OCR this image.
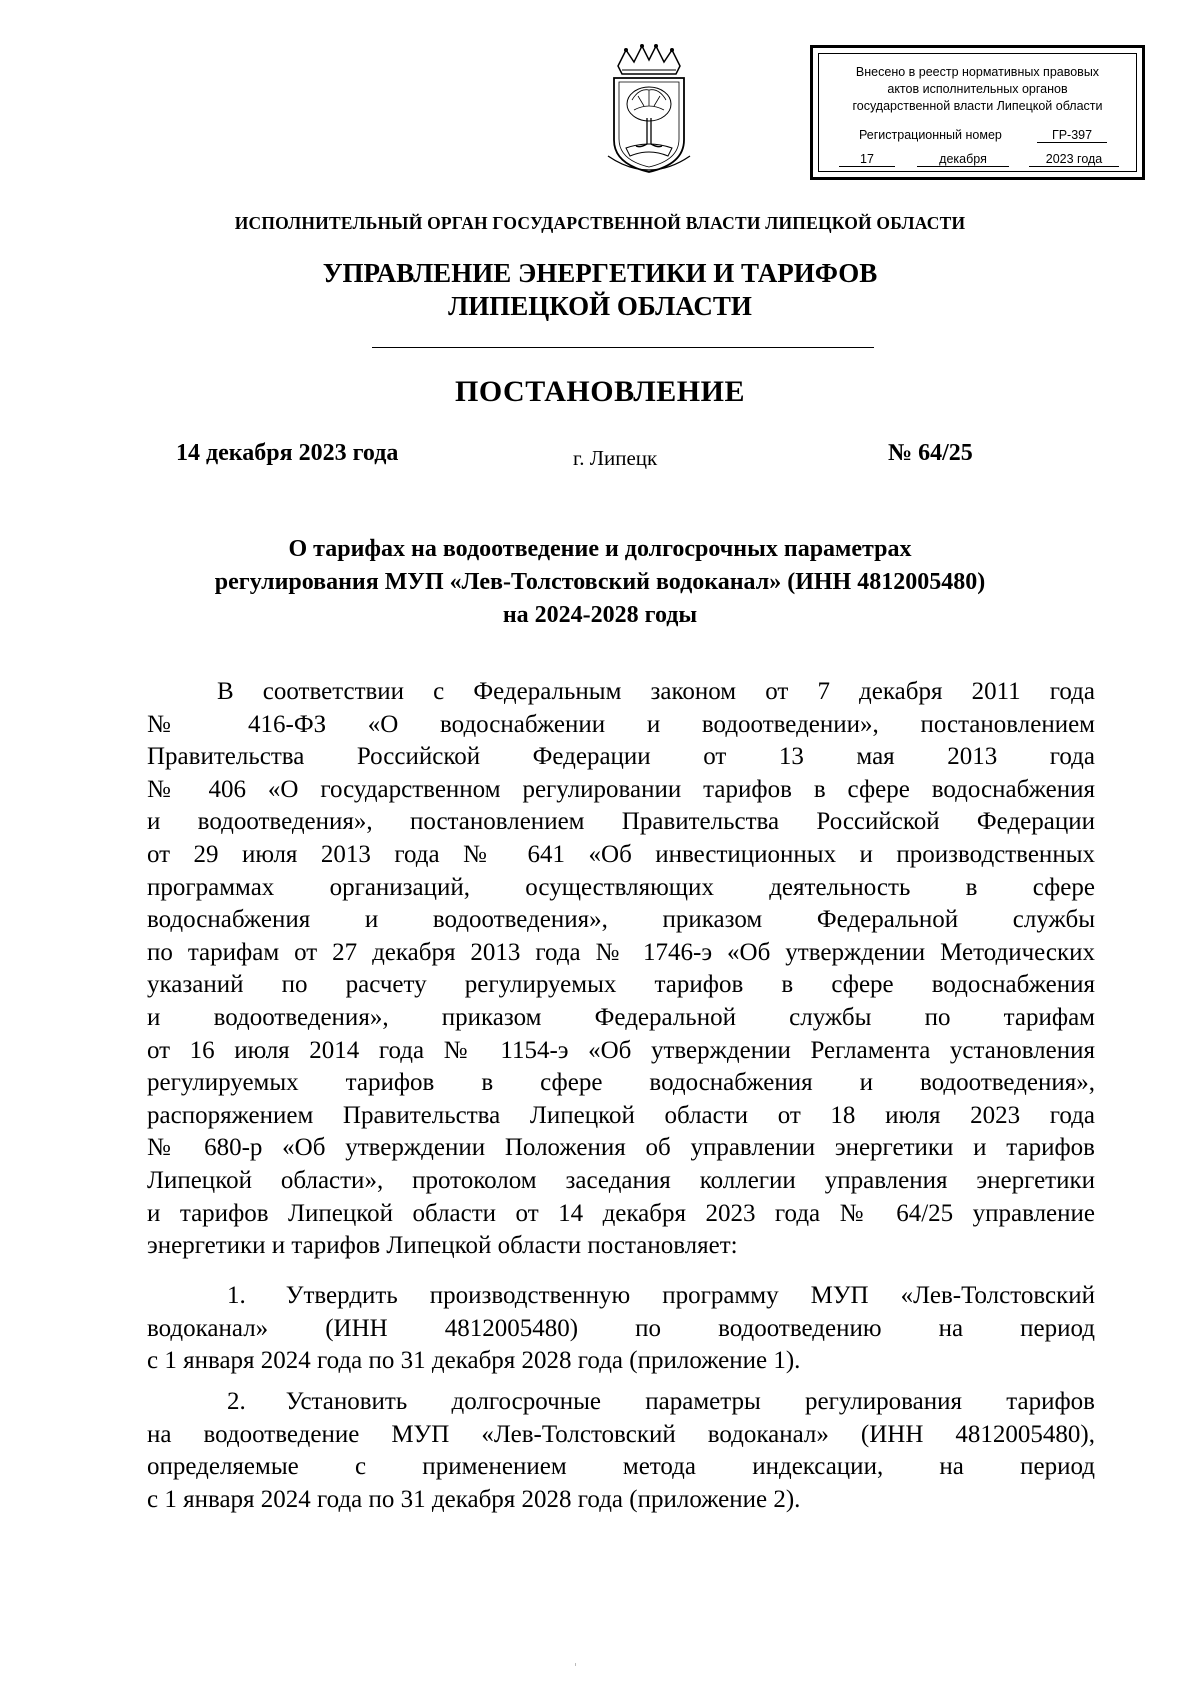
Внесено в реестр нормативных правовых
актов исполнительных органов
государственной власти Липецкой области
Регистрационный номер	ГР-397
17	декабря	2023 года
ИСПОЛНИТЕЛЬНЫЙ ОРГАН ГОСУДАРСТВЕННОЙ ВЛАСТИ ЛИПЕЦКОЙ ОБЛАСТИ
УПРАВЛЕНИЕ ЭНЕРГЕТИКИ И ТАРИФОВ
ЛИПЕЦКОЙ ОБЛАСТИ
ПОСТАНОВЛЕНИЕ
14 декабря 2023 года	г. Липецк	№ 64/25
О тарифах на водоотведение и долгосрочных параметрах
регулирования МУП «Лев-Толстовский водоканал» (ИНН 4812005480)
на 2024-2028 годы

В соответствии с Федеральным законом от 7 декабря 2011 года

№ 416-ФЗ «О водоснабжении и водоотведении», постановлением

Правительства Российской Федерации от 13 мая 2013 года

№ 406 «О государственном регулировании тарифов в сфере водоснабжения

и водоотведения», постановлением Правительства Российской Федерации

от 29 июля 2013 года № 641 «Об инвестиционных и производственных

программах организаций, осуществляющих деятельность в сфере

водоснабжения и водоотведения», приказом Федеральной службы

по тарифам от 27 декабря 2013 года № 1746-э «Об утверждении Методических

указаний по расчету регулируемых тарифов в сфере водоснабжения

и водоотведения», приказом Федеральной службы по тарифам

от 16 июля 2014 года № 1154-э «Об утверждении Регламента установления

регулируемых тарифов в сфере водоснабжения и водоотведения»,

распоряжением Правительства Липецкой области от 18 июля 2023 года

№ 680-р «Об утверждении Положения об управлении энергетики и тарифов

Липецкой области», протоколом заседания коллегии управления энергетики

и тарифов Липецкой области от 14 декабря 2023 года № 64/25 управление

энергетики и тарифов Липецкой области постановляет:

1. Утвердить производственную программу МУП «Лев-Толстовский

водоканал» (ИНН 4812005480) по водоотведению на период

с 1 января 2024 года по 31 декабря 2028 года (приложение 1).

2. Установить долгосрочные параметры регулирования тарифов

на водоотведение МУП «Лев-Толстовский водоканал» (ИНН 4812005480),

определяемые с применением метода индексации, на период

с 1 января 2024 года по 31 декабря 2028 года (приложение 2).
